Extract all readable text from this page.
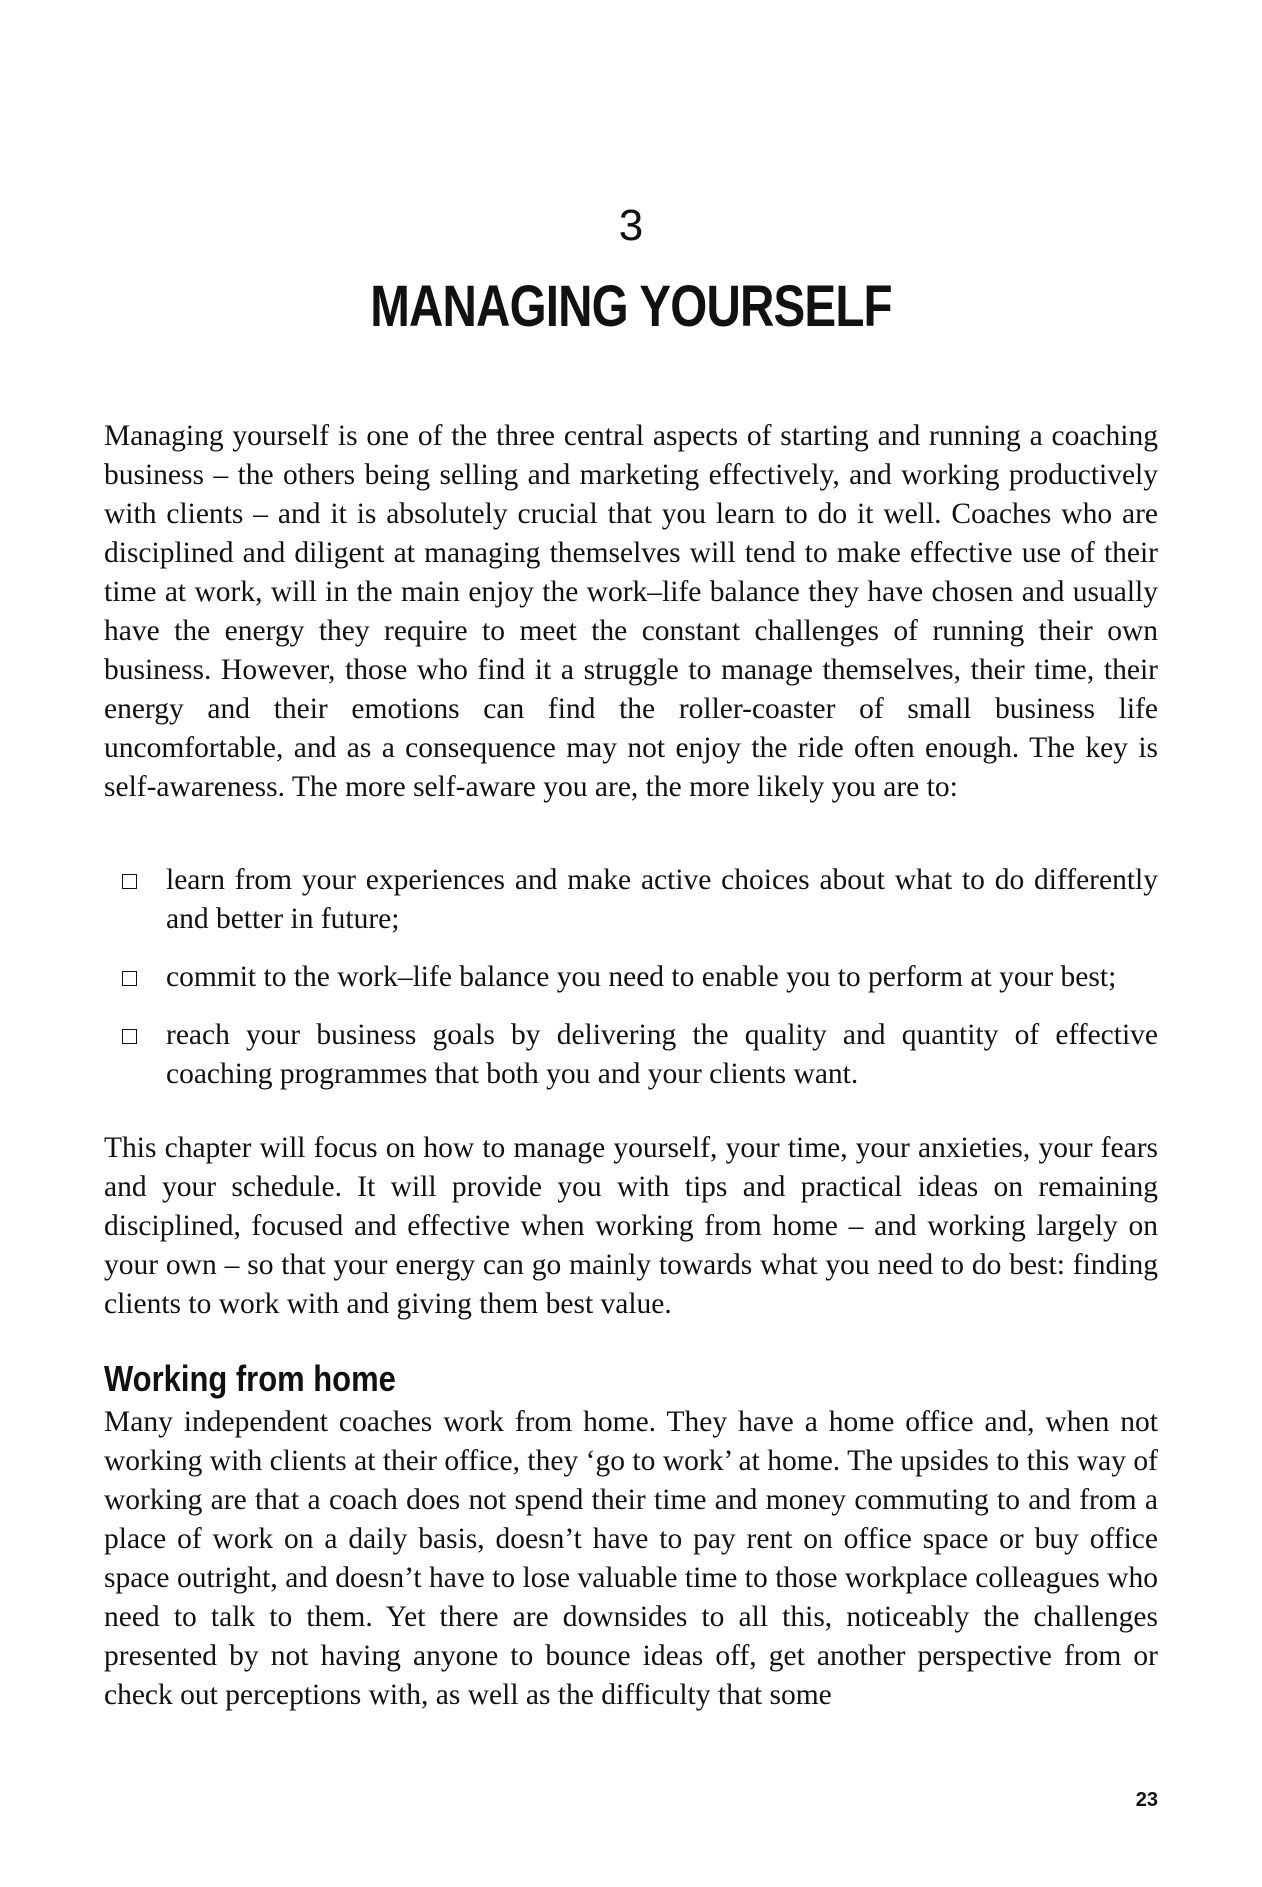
3
MANAGING YOURSELF

Managing yourself is one of the three central aspects of starting and running a coaching business – the others being selling and marketing effectively, and working productively with clients – and it is absolutely crucial that you learn to do it well. Coaches who are disciplined and diligent at managing themselves will tend to make effective use of their time at work, will in the main enjoy the work–life balance they have chosen and usually have the energy they require to meet the constant challenges of running their own business. However, those who find it a struggle to manage themselves, their time, their energy and their emotions can find the roller-coaster of small business life uncomfortable, and as a consequence may not enjoy the ride often enough. The key is self-awareness. The more self-aware you are, the more likely you are to:

learn from your experiences and make active choices about what to do differently and better in future;
commit to the work–life balance you need to enable you to perform at your best;
reach your business goals by delivering the quality and quantity of effective coaching programmes that both you and your clients want.

This chapter will focus on how to manage yourself, your time, your anxieties, your fears and your schedule. It will provide you with tips and practical ideas on remaining disciplined, focused and effective when working from home – and working largely on your own – so that your energy can go mainly towards what you need to do best: finding clients to work with and giving them best value.

Working from home

Many independent coaches work from home. They have a home office and, when not working with clients at their office, they ‘go to work’ at home. The upsides to this way of working are that a coach does not spend their time and money commuting to and from a place of work on a daily basis, doesn’t have to pay rent on office space or buy office space outright, and doesn’t have to lose valuable time to those workplace colleagues who need to talk to them. Yet there are downsides to all this, noticeably the challenges presented by not having anyone to bounce ideas off, get another perspective from or check out perceptions with, as well as the difficulty that some

23
